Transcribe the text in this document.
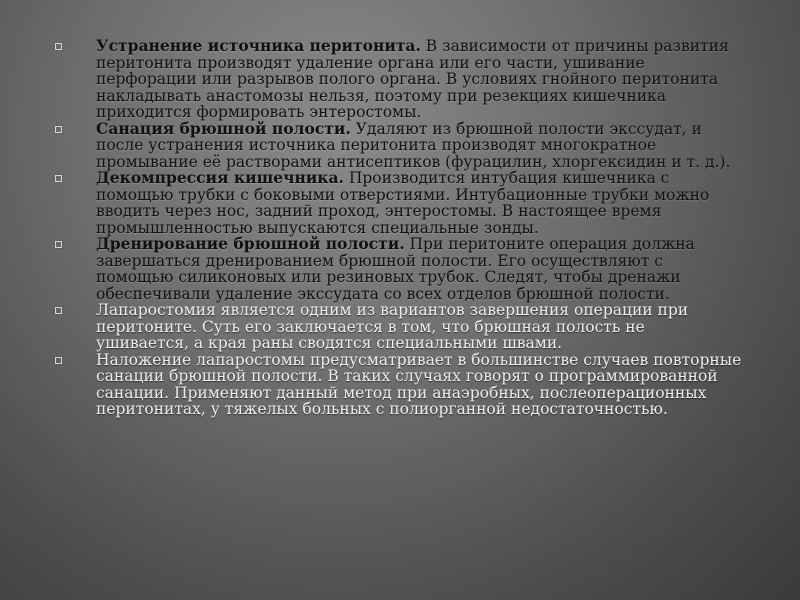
Устранение источника перитонита. В зависимости от причины развития перитонита производят удаление органа или его части, ушивание перфорации или разрывов полого органа. В условиях гнойного перитонита накладывать анастомозы нельзя, поэтому при резекциях кишечника приходится формировать энтеростомы.
Санация брюшной полости. Удаляют из брюшной полости экссудат, и после устранения источника перитонита производят многократное промывание её растворами антисептиков (фурацилин, хлоргексидин и т. д.).
Декомпрессия кишечника. Производится интубация кишечника с помощью трубки с боковыми отверстиями. Интубационные трубки можно вводить через нос, задний проход, энтеростомы. В настоящее время промышленностью выпускаются специальные зонды.
Дренирование брюшной полости. При перитоните операция должна завершаться дренированием брюшной полости. Его осуществляют с помощью силиконовых или резиновых трубок. Следят, чтобы дренажи обеспечивали удаление экссудата со всех отделов брюшной полости.
Лапаростомия является одним из вариантов завершения операции при перитоните. Суть его заключается в том, что брюшная полость не ушивается, а края раны сводятся специальными швами.
Наложение лапаростомы предусматривает в большинстве случаев повторные санации брюшной полости. В таких случаях говорят о программированной санации. Применяют данный метод при анаэробных, послеоперационных перитонитах, у тяжелых больных с полиорганной недостаточностью.
